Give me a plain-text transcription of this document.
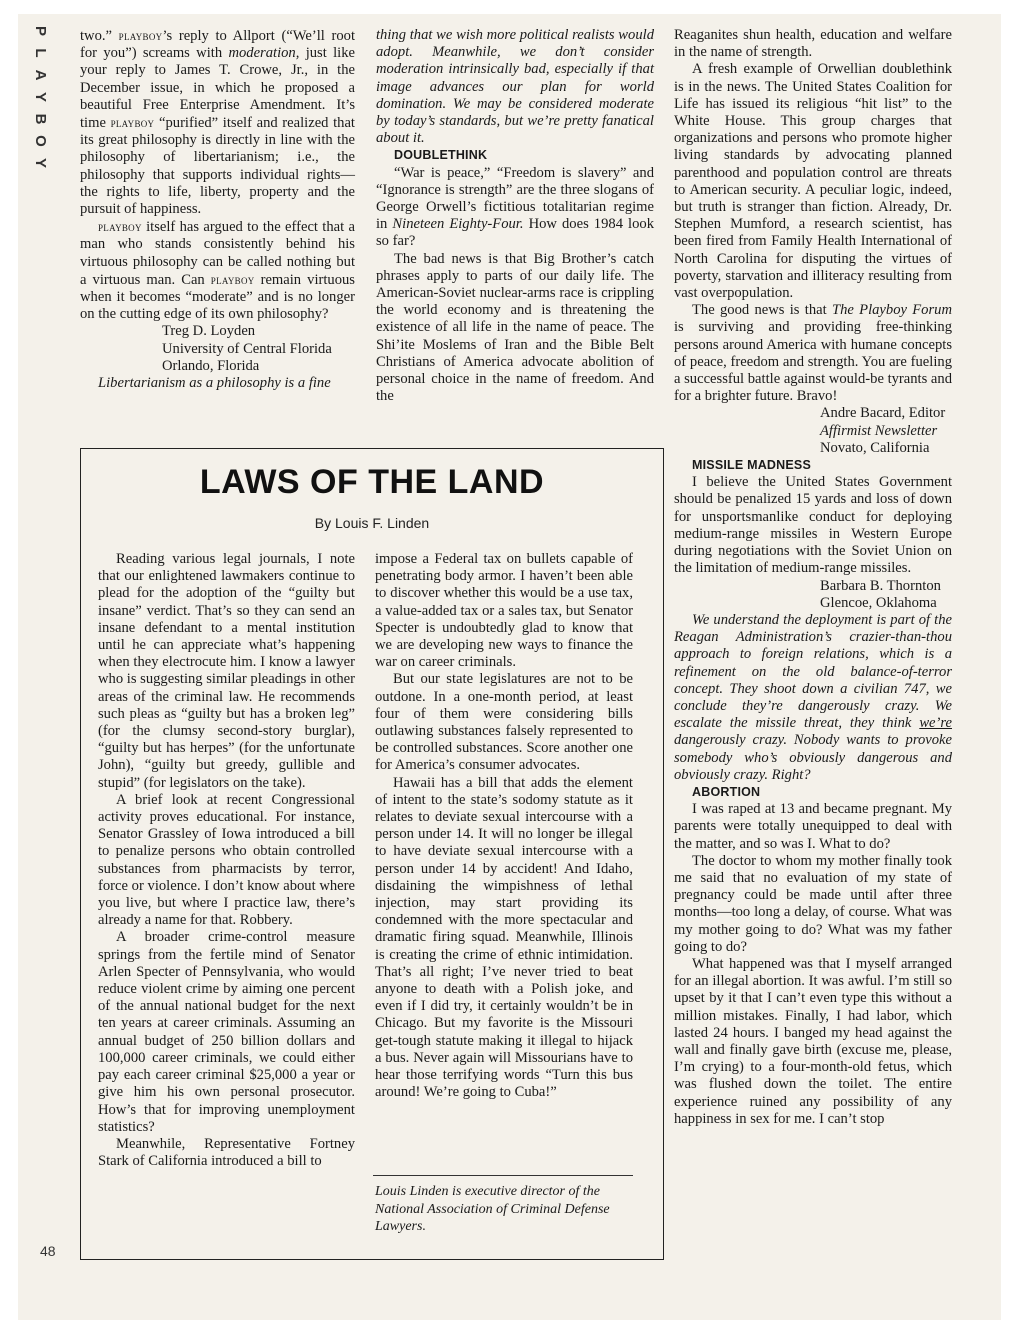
P
L
A
Y
B
O
Y
48

two.” playboy’s reply to Allport (“We’ll root for you”) screams with moderation, just like your reply to James T. Crowe, Jr., in the December issue, in which he proposed a beautiful Free Enterprise Amendment. It’s time playboy “purified” itself and realized that its great philosophy is directly in line with the philosophy of libertarianism; i.e., the philosophy that supports individual rights—the rights to life, liberty, property and the pursuit of happiness.

playboy itself has argued to the effect that a man who stands consistently behind his virtuous philosophy can be called nothing but a virtuous man. Can playboy remain virtuous when it becomes “moderate” and is no longer on the cutting edge of its own philosophy?

Treg D. Loyden

University of Central Florida

Orlando, Florida

Libertarianism as a philosophy is a fine

thing that we wish more political realists would adopt. Meanwhile, we don’t consider moderation intrinsically bad, especially if that image advances our plan for world domination. We may be considered moderate by today’s standards, but we’re pretty fanatical about it.

DOUBLETHINK

“War is peace,” “Freedom is slavery” and “Ignorance is strength” are the three slogans of George Orwell’s fictitious totalitarian regime in Nineteen Eighty-Four. How does 1984 look so far?

The bad news is that Big Brother’s catch phrases apply to parts of our daily life. The American-Soviet nuclear-arms race is crippling the world economy and is threatening the existence of all life in the name of peace. The Shi’ite Moslems of Iran and the Bible Belt Christians of America advocate abolition of personal choice in the name of freedom. And the

Reaganites shun health, education and welfare in the name of strength.

A fresh example of Orwellian doublethink is in the news. The United States Coalition for Life has issued its religious “hit list” to the White House. This group charges that organizations and persons who promote higher living standards by advocating planned parenthood and population control are threats to American security. A peculiar logic, indeed, but truth is stranger than fiction. Already, Dr. Stephen Mumford, a research scientist, has been fired from Family Health International of North Carolina for disputing the virtues of poverty, starvation and illiteracy resulting from vast overpopulation.

The good news is that The Playboy Forum is surviving and providing free-thinking persons around America with humane concepts of peace, freedom and strength. You are fueling a successful battle against would-be tyrants and for a brighter future. Bravo!

Andre Bacard, Editor

Affirmist Newsletter

Novato, California

MISSILE MADNESS

I believe the United States Government should be penalized 15 yards and loss of down for unsportsmanlike conduct for deploying medium-range missiles in Western Europe during negotiations with the Soviet Union on the limitation of medium-range missiles.

Barbara B. Thornton

Glencoe, Oklahoma

We understand the deployment is part of the Reagan Administration’s crazier-than-thou approach to foreign relations, which is a refinement on the old balance-of-terror concept. They shoot down a civilian 747, we conclude they’re dangerously crazy. We escalate the missile threat, they think we’re dangerously crazy. Nobody wants to provoke somebody who’s obviously dangerous and obviously crazy. Right?

ABORTION

I was raped at 13 and became pregnant. My parents were totally unequipped to deal with the matter, and so was I. What to do?

The doctor to whom my mother finally took me said that no evaluation of my state of pregnancy could be made until after three months—too long a delay, of course. What was my mother going to do? What was my father going to do?

What happened was that I myself arranged for an illegal abortion. It was awful. I’m still so upset by it that I can’t even type this without a million mistakes. Finally, I had labor, which lasted 24 hours. I banged my head against the wall and finally gave birth (excuse me, please, I’m crying) to a four-month-old fetus, which was flushed down the toilet. The entire experience ruined any possibility of any happiness in sex for me. I can’t stop

LAWS OF THE LAND
By Louis F. Linden

Reading various legal journals, I note that our enlightened lawmakers continue to plead for the adoption of the “guilty but insane” verdict. That’s so they can send an insane defendant to a mental institution until he can appreciate what’s happening when they electrocute him. I know a lawyer who is suggesting similar pleadings in other areas of the criminal law. He recommends such pleas as “guilty but has a broken leg” (for the clumsy second-story burglar), “guilty but has herpes” (for the unfortunate John), “guilty but greedy, gullible and stupid” (for legislators on the take).

A brief look at recent Congressional activity proves educational. For instance, Senator Grassley of Iowa introduced a bill to penalize persons who obtain controlled substances from pharmacists by terror, force or violence. I don’t know about where you live, but where I practice law, there’s already a name for that. Robbery.

A broader crime-control measure springs from the fertile mind of Senator Arlen Specter of Pennsylvania, who would reduce violent crime by aiming one percent of the annual national budget for the next ten years at career criminals. Assuming an annual budget of 250 billion dollars and 100,000 career criminals, we could either pay each career criminal $25,000 a year or give him his own personal prosecutor. How’s that for improving unemployment statistics?

Meanwhile, Representative Fortney Stark of California introduced a bill to

impose a Federal tax on bullets capable of penetrating body armor. I haven’t been able to discover whether this would be a use tax, a value-added tax or a sales tax, but Senator Specter is undoubtedly glad to know that we are developing new ways to finance the war on career criminals.

But our state legislatures are not to be outdone. In a one-month period, at least four of them were considering bills outlawing substances falsely represented to be controlled substances. Score another one for America’s consumer advocates.

Hawaii has a bill that adds the element of intent to the state’s sodomy statute as it relates to deviate sexual intercourse with a person under 14. It will no longer be illegal to have deviate sexual intercourse with a person under 14 by accident! And Idaho, disdaining the wimpishness of lethal injection, may start providing its condemned with the more spectacular and dramatic firing squad. Meanwhile, Illinois is creating the crime of ethnic intimidation. That’s all right; I’ve never tried to beat anyone to death with a Polish joke, and even if I did try, it certainly wouldn’t be in Chicago. But my favorite is the Missouri get-tough statute making it illegal to hijack a bus. Never again will Missourians have to hear those terrifying words “Turn this bus around! We’re going to Cuba!”

Louis Linden is executive director of the National Association of Criminal Defense Lawyers.
